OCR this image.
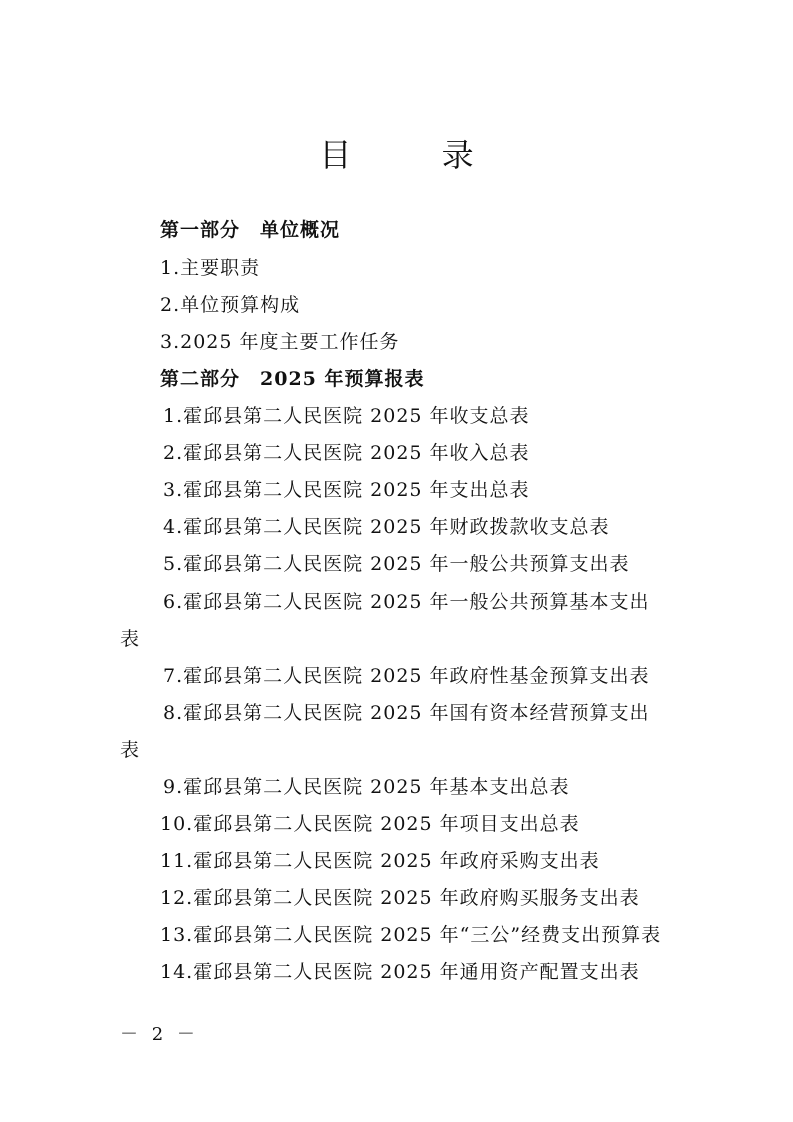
目 录
第一部分　单位概况
1.主要职责
2.单位预算构成
3.2025 年度主要工作任务
第二部分　2025 年预算报表
1.霍邱县第二人民医院 2025 年收支总表
2.霍邱县第二人民医院 2025 年收入总表
3.霍邱县第二人民医院 2025 年支出总表
4.霍邱县第二人民医院 2025 年财政拨款收支总表
5.霍邱县第二人民医院 2025 年一般公共预算支出表
6.霍邱县第二人民医院 2025 年一般公共预算基本支出
表
7.霍邱县第二人民医院 2025 年政府性基金预算支出表
8.霍邱县第二人民医院 2025 年国有资本经营预算支出
表
9.霍邱县第二人民医院 2025 年基本支出总表
10.霍邱县第二人民医院 2025 年项目支出总表
11.霍邱县第二人民医院 2025 年政府采购支出表
12.霍邱县第二人民医院 2025 年政府购买服务支出表
13.霍邱县第二人民医院 2025 年“三公”经费支出预算表
14.霍邱县第二人民医院 2025 年通用资产配置支出表
－ 2 －
